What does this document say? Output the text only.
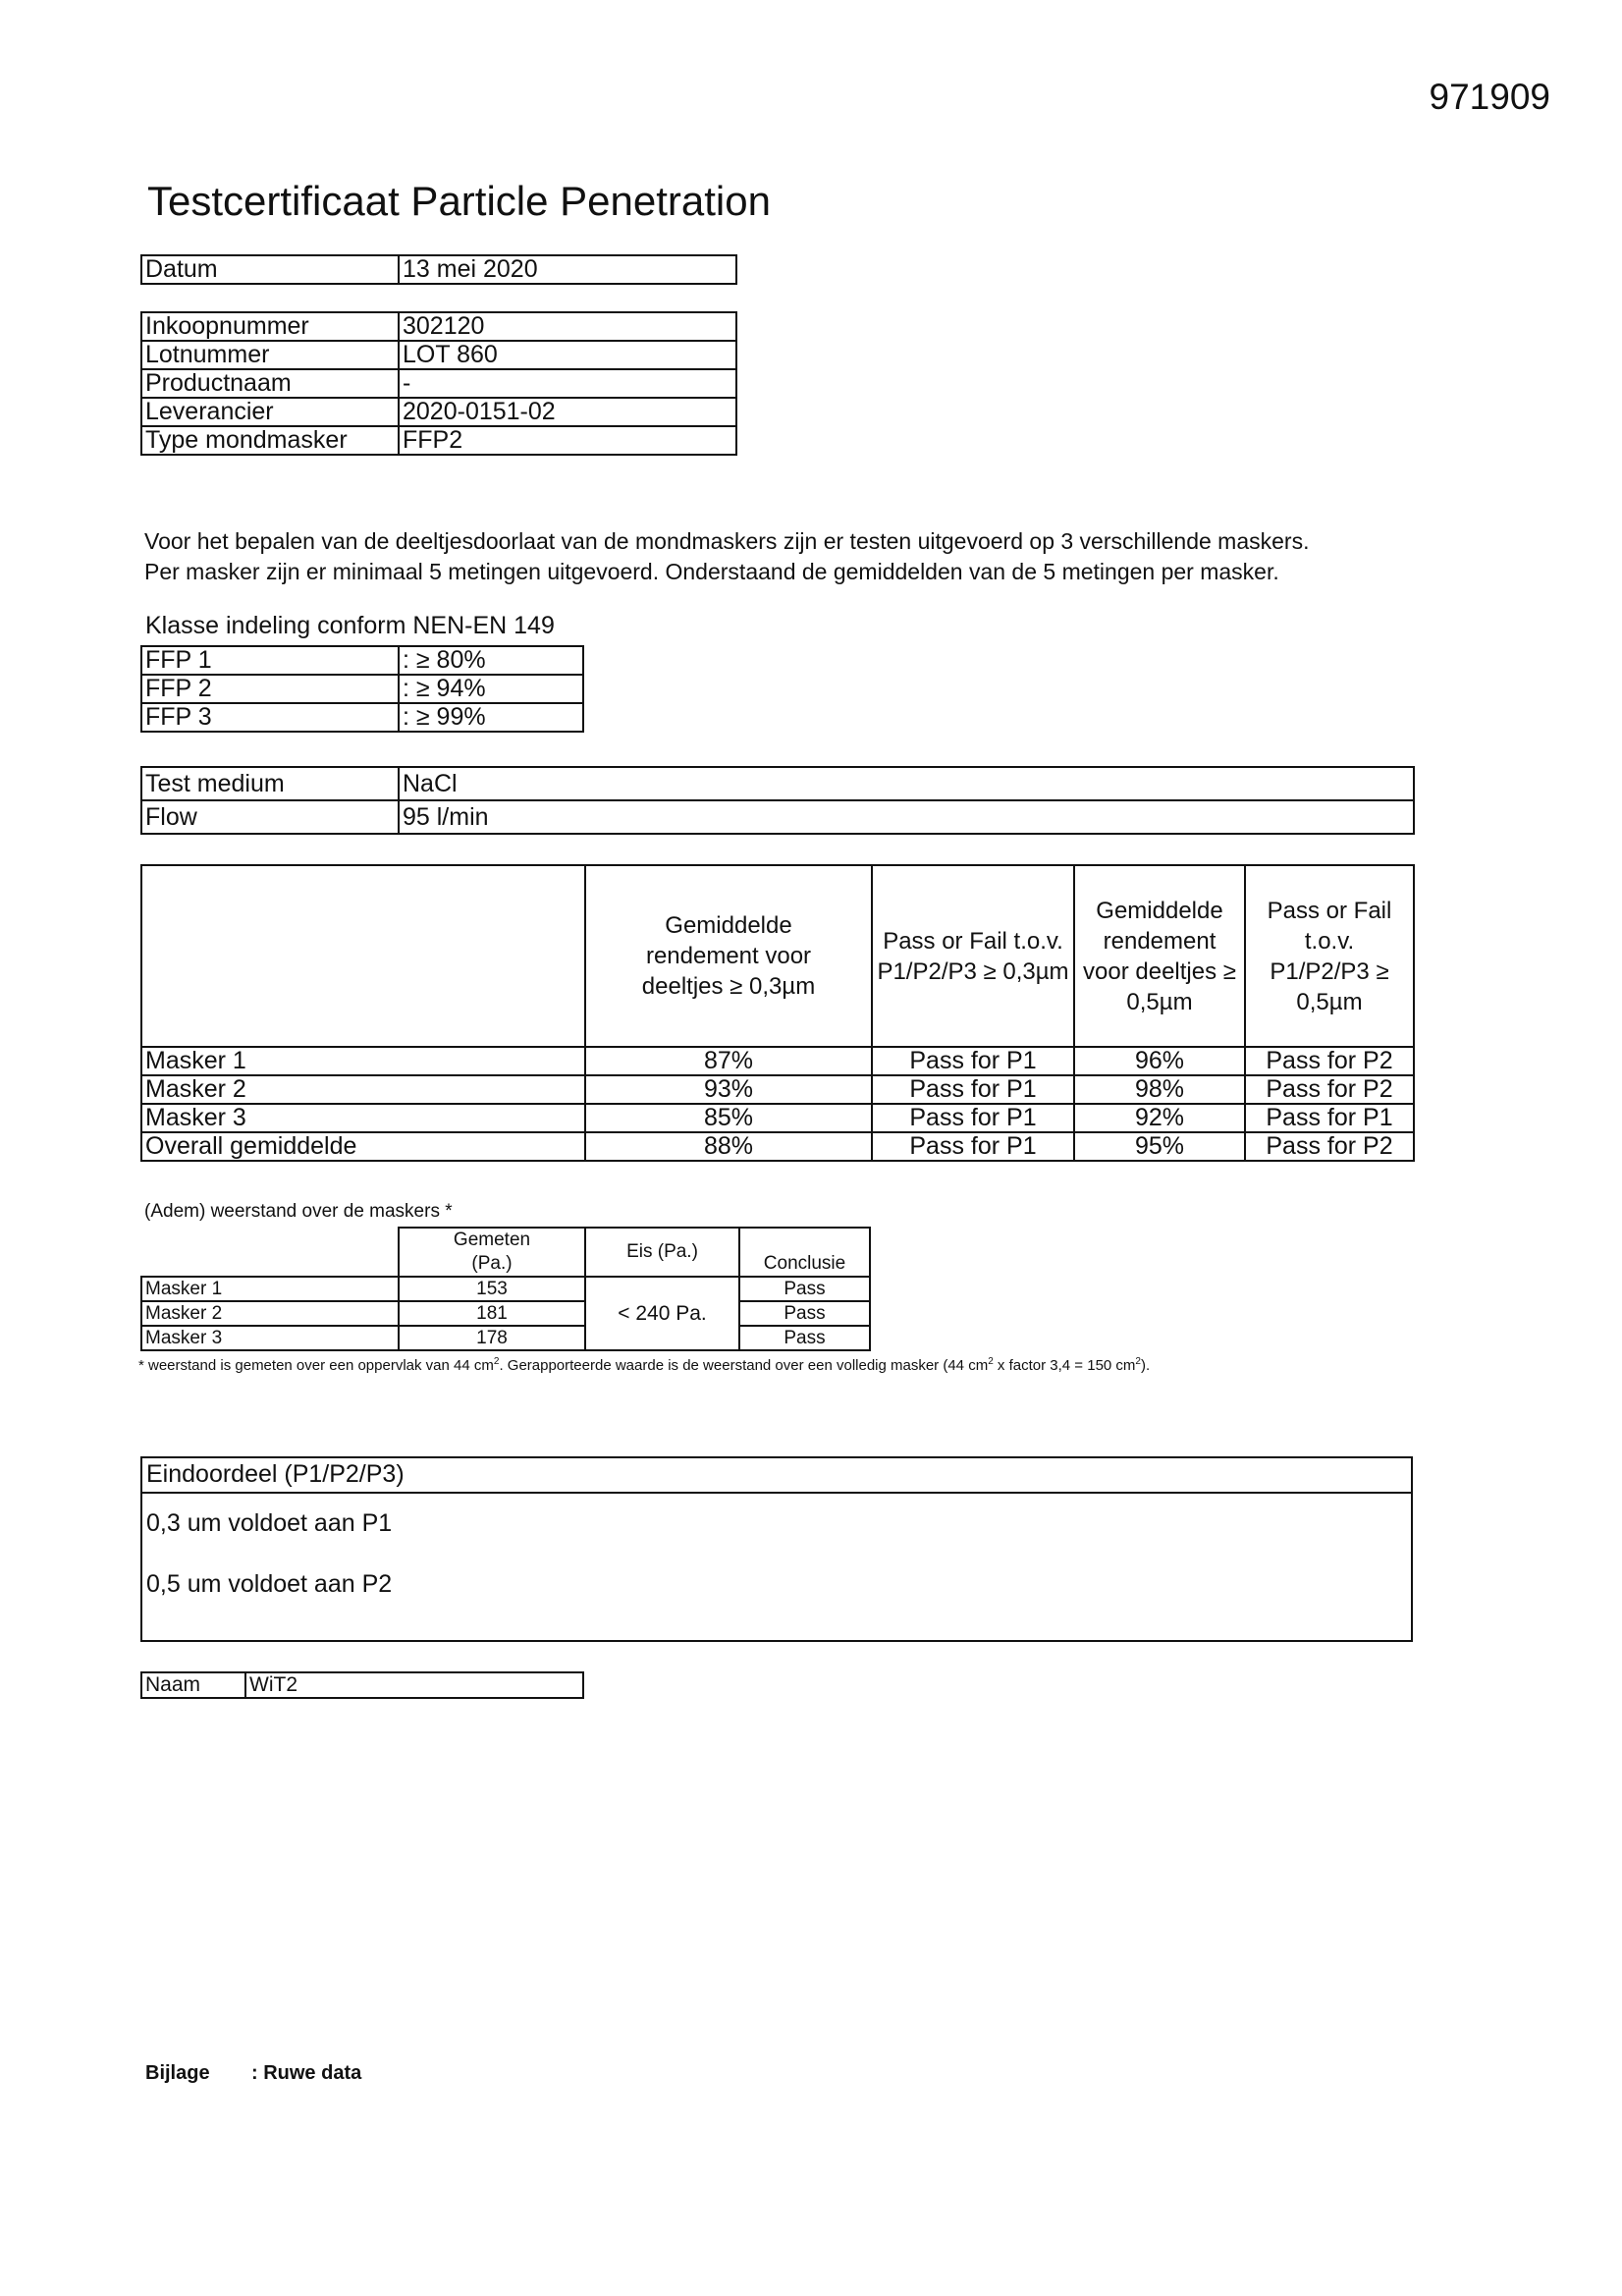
971909
Testcertificaat Particle Penetration
Datum	13 mei 2020
Inkoopnummer	302120
Lotnummer	LOT 860
Productnaam	-
Leverancier	2020-0151-02
Type mondmasker	FFP2
Voor het bepalen van de deeltjesdoorlaat van de mondmaskers zijn er testen uitgevoerd op 3 verschillende maskers.
Per masker zijn er minimaal 5 metingen uitgevoerd. Onderstaand de gemiddelden van de 5 metingen per masker.
Klasse indeling conform NEN-EN 149
FFP 1	: ≥ 80%
FFP 2	: ≥ 94%
FFP 3	: ≥ 99%
Test medium	NaCl
Flow	95 l/min
	Gemiddelde rendement voor deeltjes ≥ 0,3µm	Pass or Fail t.o.v. P1/P2/P3 ≥ 0,3µm	Gemiddelde rendement voor deeltjes ≥ 0,5µm	Pass or Fail t.o.v. P1/P2/P3 ≥ 0,5µm
Masker 1	87%	Pass for P1	96%	Pass for P2
Masker 2	93%	Pass for P1	98%	Pass for P2
Masker 3	85%	Pass for P1	92%	Pass for P1
Overall gemiddelde	88%	Pass for P1	95%	Pass for P2
(Adem) weerstand over de maskers *
	Gemeten (Pa.)	Eis (Pa.)	Conclusie
Masker 1	153	< 240 Pa.	Pass
Masker 2	181		Pass
Masker 3	178		Pass
* weerstand is gemeten over een oppervlak van 44 $cm^2$. Gerapporteerde waarde is de weerstand over een volledig masker (44 $cm^2$ x factor 3,4 = 150 $cm^2$).
Eindoordeel (P1/P2/P3)
0,3 um voldoet aan P1
0,5 um voldoet aan P2
Naam	WiT2
Bijlage : Ruwe data
